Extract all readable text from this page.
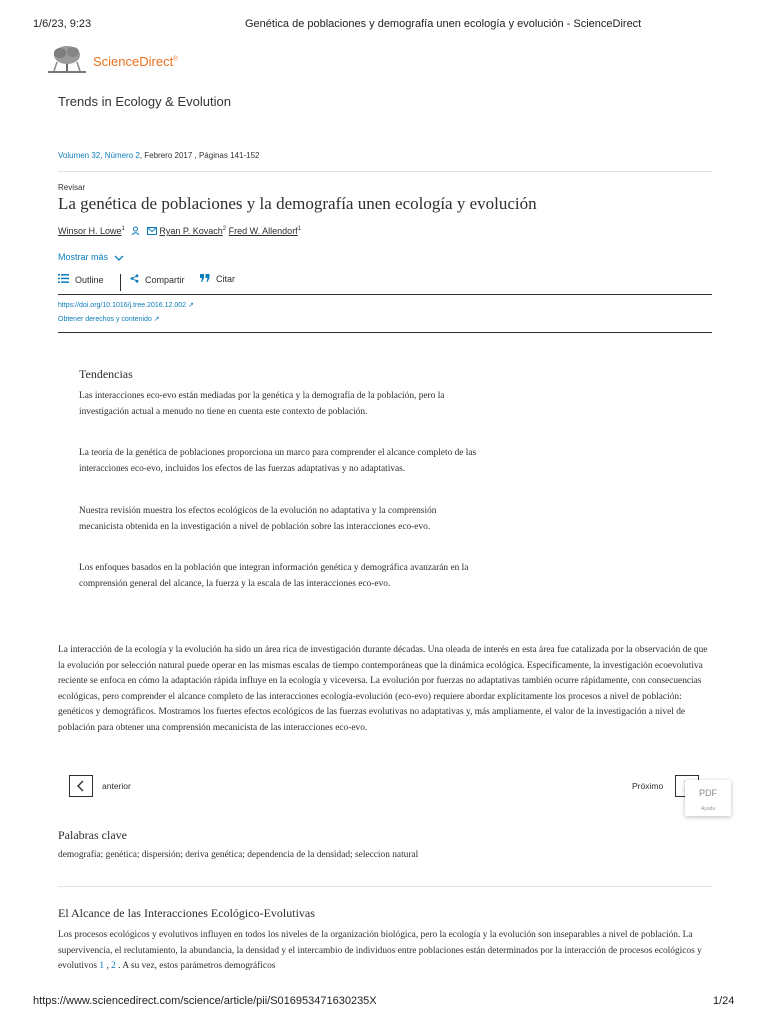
1/6/23, 9:23	Genética de poblaciones y demografía unen ecología y evolución - ScienceDirect
ScienceDirect®
Trends in Ecology & Evolution
Volumen 32, Número 2, Febrero 2017 , Páginas 141-152
Revisar
La genética de poblaciones y la demografía unen ecología y evolución
Winsor H. Lowe$^1$	Ryan P. Kovach$^2$ Fred W. Allendorf$^1$
Mostrar más
Outline	Compartir	Citar
https://doi.org/10.1016/j.tree.2016.12.002 ↗
Obtener derechos y contenido ↗
Tendencias
Las interacciones eco-evo están mediadas por la genética y la demografía de la población, pero la investigación actual a menudo no tiene en cuenta este contexto de población.
La teoría de la genética de poblaciones proporciona un marco para comprender el alcance completo de las interacciones eco-evo, incluidos los efectos de las fuerzas adaptativas y no adaptativas.
Nuestra revisión muestra los efectos ecológicos de la evolución no adaptativa y la comprensión mecanicista obtenida en la investigación a nivel de población sobre las interacciones eco-evo.
Los enfoques basados en la población que integran información genética y demográfica avanzarán en la comprensión general del alcance, la fuerza y la escala de las interacciones eco-evo.
La interacción de la ecología y la evolución ha sido un área rica de investigación durante décadas. Una oleada de interés en esta área fue catalizada por la observación de que la evolución por selección natural puede operar en las mismas escalas de tiempo contemporáneas que la dinámica ecológica. Específicamente, la investigación ecoevolutiva reciente se enfoca en cómo la adaptación rápida influye en la ecología y viceversa. La evolución por fuerzas no adaptativas también ocurre rápidamente, con consecuencias ecológicas, pero comprender el alcance completo de las interacciones ecología-evolución (eco-evo) requiere abordar explícitamente los procesos a nivel de población: genéticos y demográficos. Mostramos los fuertes efectos ecológicos de las fuerzas evolutivas no adaptativas y, más ampliamente, el valor de la investigación a nivel de población para obtener una comprensión mecanicista de las interacciones eco-evo.
anterior	Próximo
PDF
Ayuda
Palabras clave
demografía; genética; dispersión; deriva genética; dependencia de la densidad; seleccion natural
El Alcance de las Interacciones Ecológico-Evolutivas
Los procesos ecológicos y evolutivos influyen en todos los niveles de la organización biológica, pero la ecología y la evolución son inseparables a nivel de población. La supervivencia, el reclutamiento, la abundancia, la densidad y el intercambio de individuos entre poblaciones están determinados por la interacción de procesos ecológicos y evolutivos 1 , 2 . A su vez, estos parámetros demográficos
https://www.sciencedirect.com/science/article/pii/S016953471630235X	1/24
